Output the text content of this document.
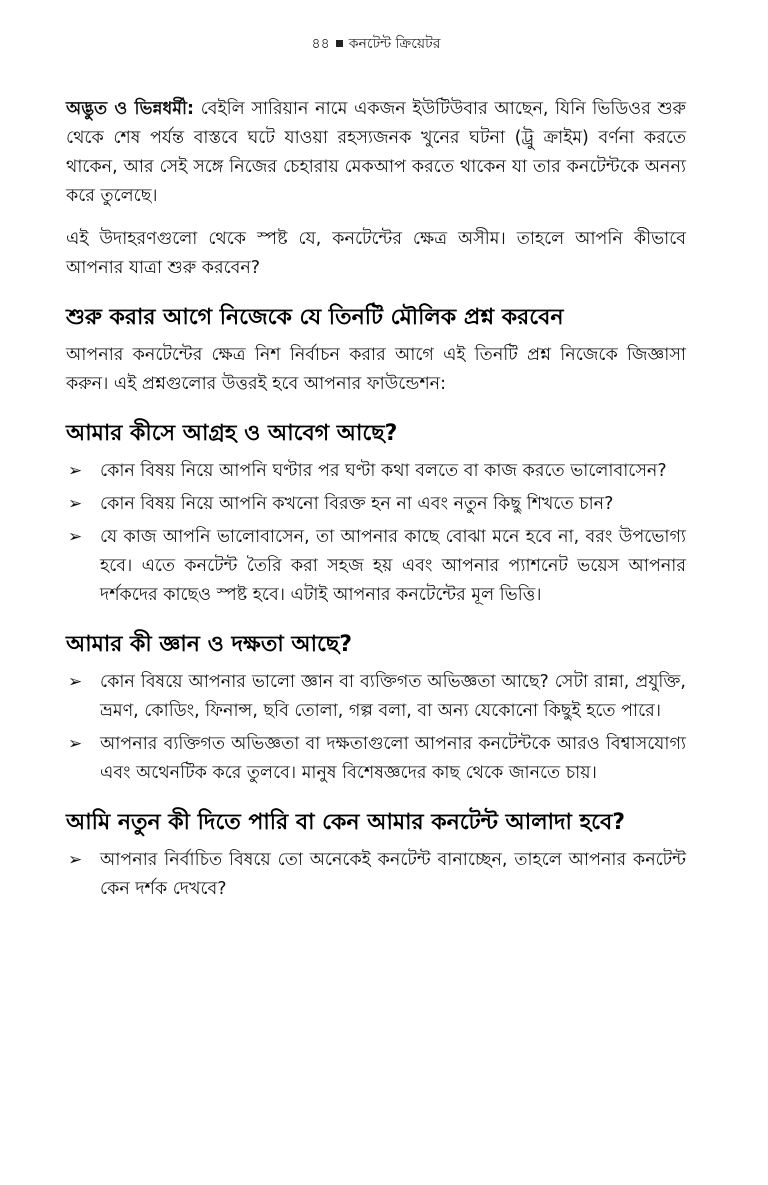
৪৪ কনটেন্ট ক্রিয়েটর

অদ্ভুত ও ভিন্নধর্মী: বেইলি সারিয়ান নামে একজন ইউটিউবার আছেন, যিনি ভিডিওর শুরু থেকে শেষ পর্যন্ত বাস্তবে ঘটে যাওয়া রহস্যজনক খুনের ঘটনা (ট্রু ক্রাইম) বর্ণনা করতে থাকেন, আর সেই সঙ্গে নিজের চেহারায় মেকআপ করতে থাকেন যা তার কনটেন্টকে অনন্য করে তুলেছে।

এই উদাহরণগুলো থেকে স্পষ্ট যে, কনটেন্টের ক্ষেত্র অসীম। তাহলে আপনি কীভাবে আপনার যাত্রা শুরু করবেন?

শুরু করার আগে নিজেকে যে তিনটি মৌলিক প্রশ্ন করবেন

আপনার কনটেন্টের ক্ষেত্র নিশ নির্বাচন করার আগে এই তিনটি প্রশ্ন নিজেকে জিজ্ঞাসা করুন। এই প্রশ্নগুলোর উত্তরই হবে আপনার ফাউন্ডেশন:

আমার কীসে আগ্রহ ও আবেগ আছে?
➢ কোন বিষয় নিয়ে আপনি ঘণ্টার পর ঘণ্টা কথা বলতে বা কাজ করতে ভালোবাসেন?
➢ কোন বিষয় নিয়ে আপনি কখনো বিরক্ত হন না এবং নতুন কিছু শিখতে চান?
➢ যে কাজ আপনি ভালোবাসেন, তা আপনার কাছে বোঝা মনে হবে না, বরং উপভোগ্য হবে। এতে কনটেন্ট তৈরি করা সহজ হয় এবং আপনার প্যাশনেট ভয়েস আপনার দর্শকদের কাছেও স্পষ্ট হবে। এটাই আপনার কনটেন্টের মূল ভিত্তি।
আমার কী জ্ঞান ও দক্ষতা আছে?
➢ কোন বিষয়ে আপনার ভালো জ্ঞান বা ব্যক্তিগত অভিজ্ঞতা আছে? সেটা রান্না, প্রযুক্তি, ভ্রমণ, কোডিং, ফিনান্স, ছবি তোলা, গল্প বলা, বা অন্য যেকোনো কিছুই হতে পারে।
➢ আপনার ব্যক্তিগত অভিজ্ঞতা বা দক্ষতাগুলো আপনার কনটেন্টকে আরও বিশ্বাসযোগ্য এবং অথেনটিক করে তুলবে। মানুষ বিশেষজ্ঞদের কাছ থেকে জানতে চায়।
আমি নতুন কী দিতে পারি বা কেন আমার কনটেন্ট আলাদা হবে?
➢ আপনার নির্বাচিত বিষয়ে তো অনেকেই কনটেন্ট বানাচ্ছেন, তাহলে আপনার কনটেন্ট কেন দর্শক দেখবে?
